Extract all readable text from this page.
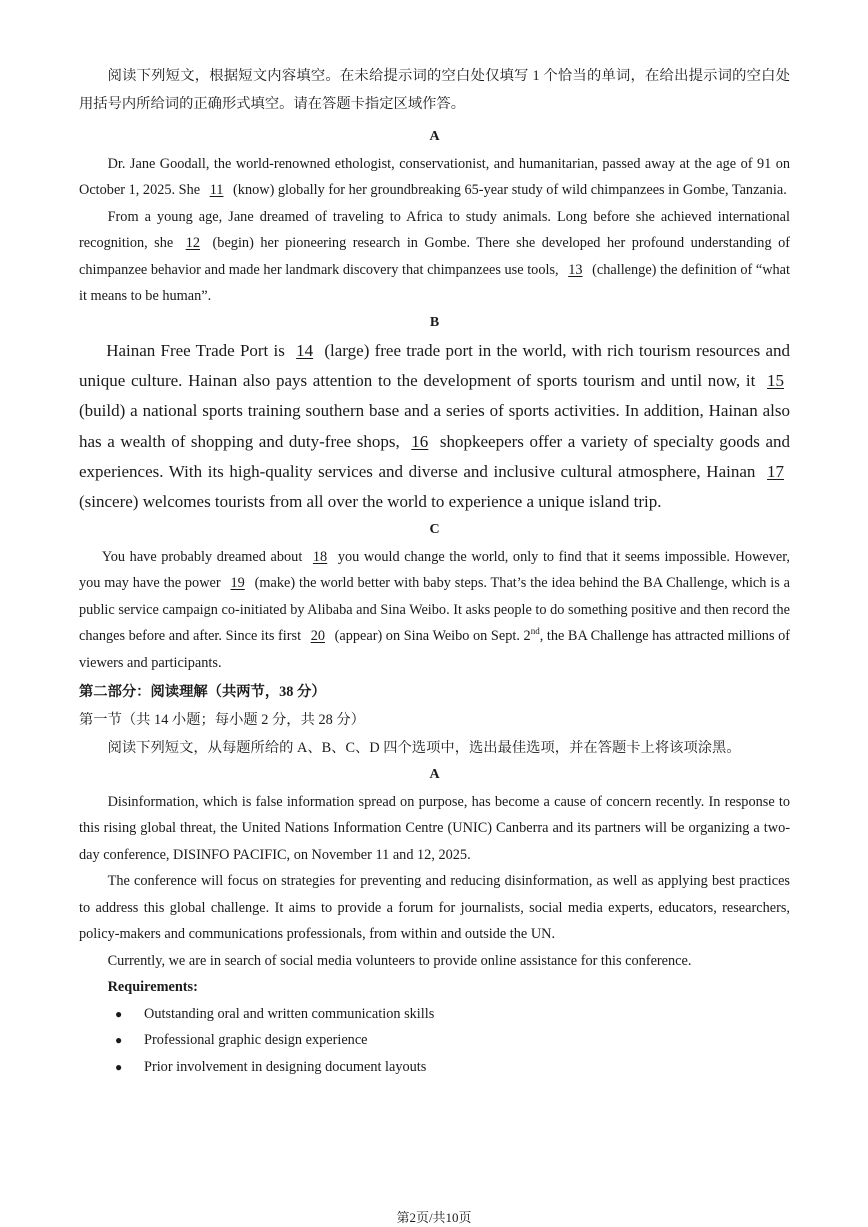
阅读下列短文，根据短文内容填空。在未给提示词的空白处仅填写 1 个恰当的单词，在给出提示词的空白处用括号内所给词的正确形式填空。请在答题卡指定区域作答。

A

Dr. Jane Goodall, the world-renowned ethologist, conservationist, and humanitarian, passed away at the age of 91 on October 1, 2025. She 11 (know) globally for her groundbreaking 65-year study of wild chimpanzees in Gombe, Tanzania.

From a young age, Jane dreamed of traveling to Africa to study animals. Long before she achieved international recognition, she 12 (begin) her pioneering research in Gombe. There she developed her profound understanding of chimpanzee behavior and made her landmark discovery that chimpanzees use tools, 13 (challenge) the definition of “what it means to be human”.

B

Hainan Free Trade Port is 14 (large) free trade port in the world, with rich tourism resources and unique culture. Hainan also pays attention to the development of sports tourism and until now, it 15 (build) a national sports training southern base and a series of sports activities. In addition, Hainan also has a wealth of shopping and duty-free shops, 16 shopkeepers offer a variety of specialty goods and experiences. With its high-quality services and diverse and inclusive cultural atmosphere, Hainan 17 (sincere) welcomes tourists from all over the world to experience a unique island trip.

C

You have probably dreamed about 18 you would change the world, only to find that it seems impossible. However, you may have the power 19 (make) the world better with baby steps. That’s the idea behind the BA Challenge, which is a public service campaign co-initiated by Alibaba and Sina Weibo. It asks people to do something positive and then record the changes before and after. Since its first 20 (appear) on Sina Weibo on Sept. 2nd, the BA Challenge has attracted millions of viewers and participants.

第二部分：阅读理解（共两节，38 分）

第一节（共 14 小题；每小题 2 分，共 28 分）

阅读下列短文，从每题所给的 A、B、C、D 四个选项中，选出最佳选项，并在答题卡上将该项涂黑。

A

Disinformation, which is false information spread on purpose, has become a cause of concern recently. In response to this rising global threat, the United Nations Information Centre (UNIC) Canberra and its partners will be organizing a two-day conference, DISINFO PACIFIC, on November 11 and 12, 2025.

The conference will focus on strategies for preventing and reducing disinformation, as well as applying best practices to address this global challenge. It aims to provide a forum for journalists, social media experts, educators, researchers, policy-makers and communications professionals, from within and outside the UN.

Currently, we are in search of social media volunteers to provide online assistance for this conference.

Requirements:

● Outstanding oral and written communication skills
● Professional graphic design experience
● Prior involvement in designing document layouts
第2页/共10页
